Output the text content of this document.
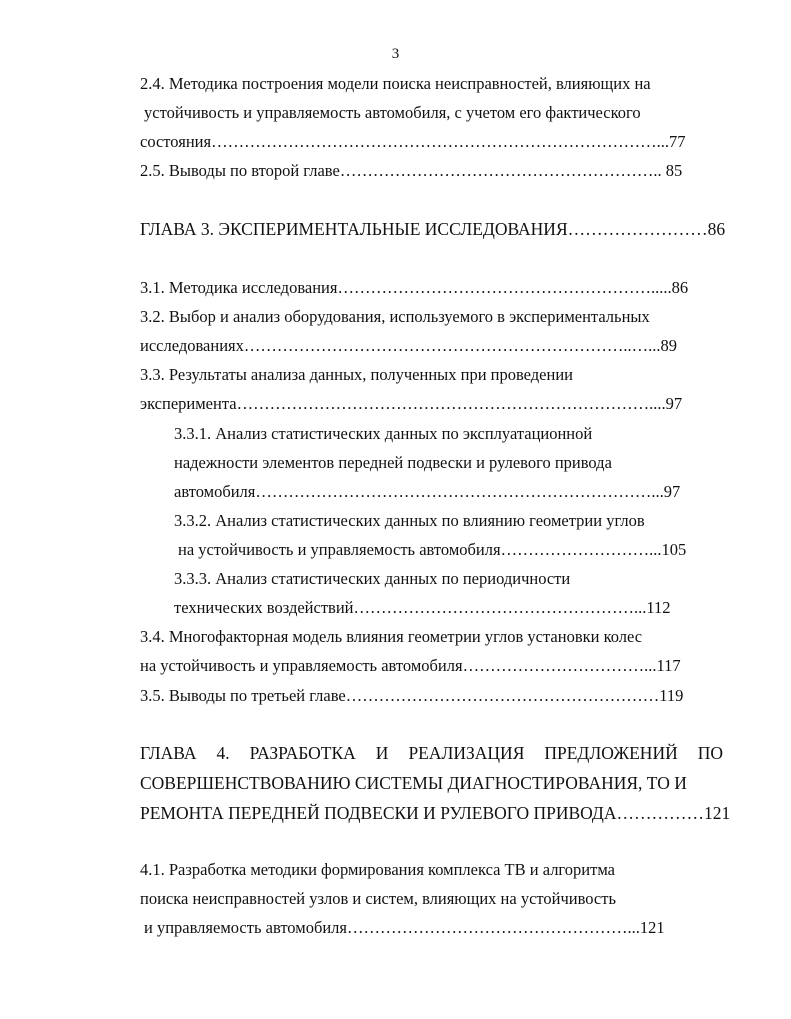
3
2.4. Методика построения модели поиска неисправностей, влияющих на
устойчивость и управляемость автомобиля, с учетом его фактического
состояния………………………………………………………………………...77
2.5. Выводы по второй главе………………………………………………….. 85
ГЛАВА 3. ЭКСПЕРИМЕНТАЛЬНЫЕ ИССЛЕДОВАНИЯ……………………86
3.1. Методика исследования………………………………………………….....86
3.2. Выбор и анализ оборудования, используемого в экспериментальных
исследованиях……………………………………………………………..…...89
3.3. Результаты анализа данных, полученных при проведении
эксперимента…………………………………………………………………....97
3.3.1. Анализ статистических данных по эксплуатационной
надежности элементов передней подвески и рулевого привода
автомобиля………………………………………………………………...97
3.3.2. Анализ статистических данных по влиянию геометрии углов
на устойчивость и управляемость автомобиля………………………...105
3.3.3. Анализ статистических данных по периодичности
технических воздействий……………………………………………...112
3.4. Многофакторная модель влияния геометрии углов установки колес
на устойчивость и управляемость автомобиля……………………………...117
3.5. Выводы по третьей главе…………………………………………………119
ГЛАВА 4. РАЗРАБОТКА И РЕАЛИЗАЦИЯ ПРЕДЛОЖЕНИЙ ПО
СОВЕРШЕНСТВОВАНИЮ СИСТЕМЫ ДИАГНОСТИРОВАНИЯ, ТО И
РЕМОНТА ПЕРЕДНЕЙ ПОДВЕСКИ И РУЛЕВОГО ПРИВОДА……………121
4.1. Разработка методики формирования комплекса ТВ и алгоритма
поиска неисправностей узлов и систем, влияющих на устойчивость
и управляемость автомобиля……………………………………………...121
